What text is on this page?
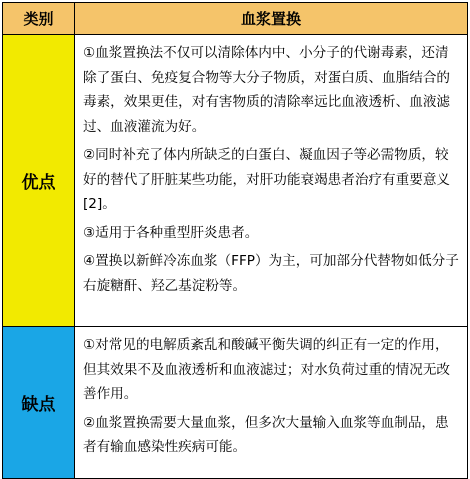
类别	血浆置换
优点
①血浆置换法不仅可以清除体内中、小分子的代谢毒素，还清除了蛋白、免疫复合物等大分子物质，对蛋白质、血脂结合的毒素，效果更佳，对有害物质的清除率远比血液透析、血液滤过、血液灌流为好。
②同时补充了体内所缺乏的白蛋白、凝血因子等必需物质，较好的替代了肝脏某些功能，对肝功能衰竭患者治疗有重要意义[2]。
③适用于各种重型肝炎患者。
④置换以新鲜冷冻血浆（FFP）为主，可加部分代替物如低分子右旋糖酐、羟乙基淀粉等。
缺点
①对常见的电解质紊乱和酸碱平衡失调的纠正有一定的作用，但其效果不及血液透析和血液滤过；对水负荷过重的情况无改善作用。
②血浆置换需要大量血浆，但多次大量输入血浆等血制品，患者有输血感染性疾病可能。
